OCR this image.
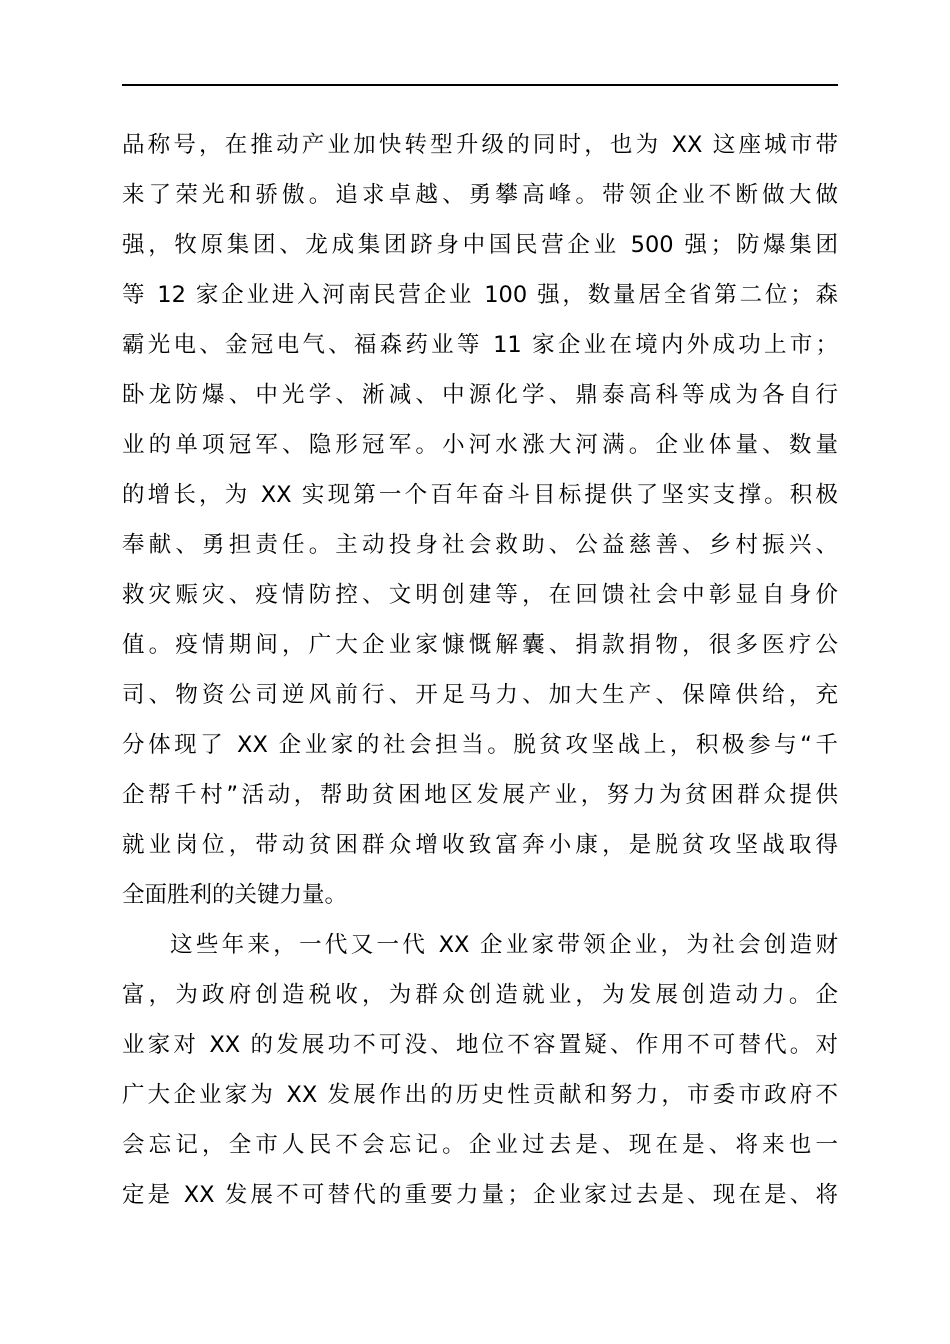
品称号，在推动产业加快转型升级的同时，也为 XX 这座城市带
来了荣光和骄傲。追求卓越、勇攀高峰。带领企业不断做大做
强，牧原集团、龙成集团跻身中国民营企业 500 强；防爆集团
等 12 家企业进入河南民营企业 100 强，数量居全省第二位；森
霸光电、金冠电气、福森药业等 11 家企业在境内外成功上市；
卧龙防爆、中光学、淅减、中源化学、鼎泰高科等成为各自行
业的单项冠军、隐形冠军。小河水涨大河满。企业体量、数量
的增长，为 XX 实现第一个百年奋斗目标提供了坚实支撑。积极
奉献、勇担责任。主动投身社会救助、公益慈善、乡村振兴、
救灾赈灾、疫情防控、文明创建等，在回馈社会中彰显自身价
值。疫情期间，广大企业家慷慨解囊、捐款捐物，很多医疗公
司、物资公司逆风前行、开足马力、加大生产、保障供给，充
分体现了 XX 企业家的社会担当。脱贫攻坚战上，积极参与“千
企帮千村”活动，帮助贫困地区发展产业，努力为贫困群众提供
就业岗位，带动贫困群众增收致富奔小康，是脱贫攻坚战取得
全面胜利的关键力量。
这些年来，一代又一代 XX 企业家带领企业，为社会创造财
富，为政府创造税收，为群众创造就业，为发展创造动力。企
业家对 XX 的发展功不可没、地位不容置疑、作用不可替代。对
广大企业家为 XX 发展作出的历史性贡献和努力，市委市政府不
会忘记，全市人民不会忘记。企业过去是、现在是、将来也一
定是 XX 发展不可替代的重要力量；企业家过去是、现在是、将
